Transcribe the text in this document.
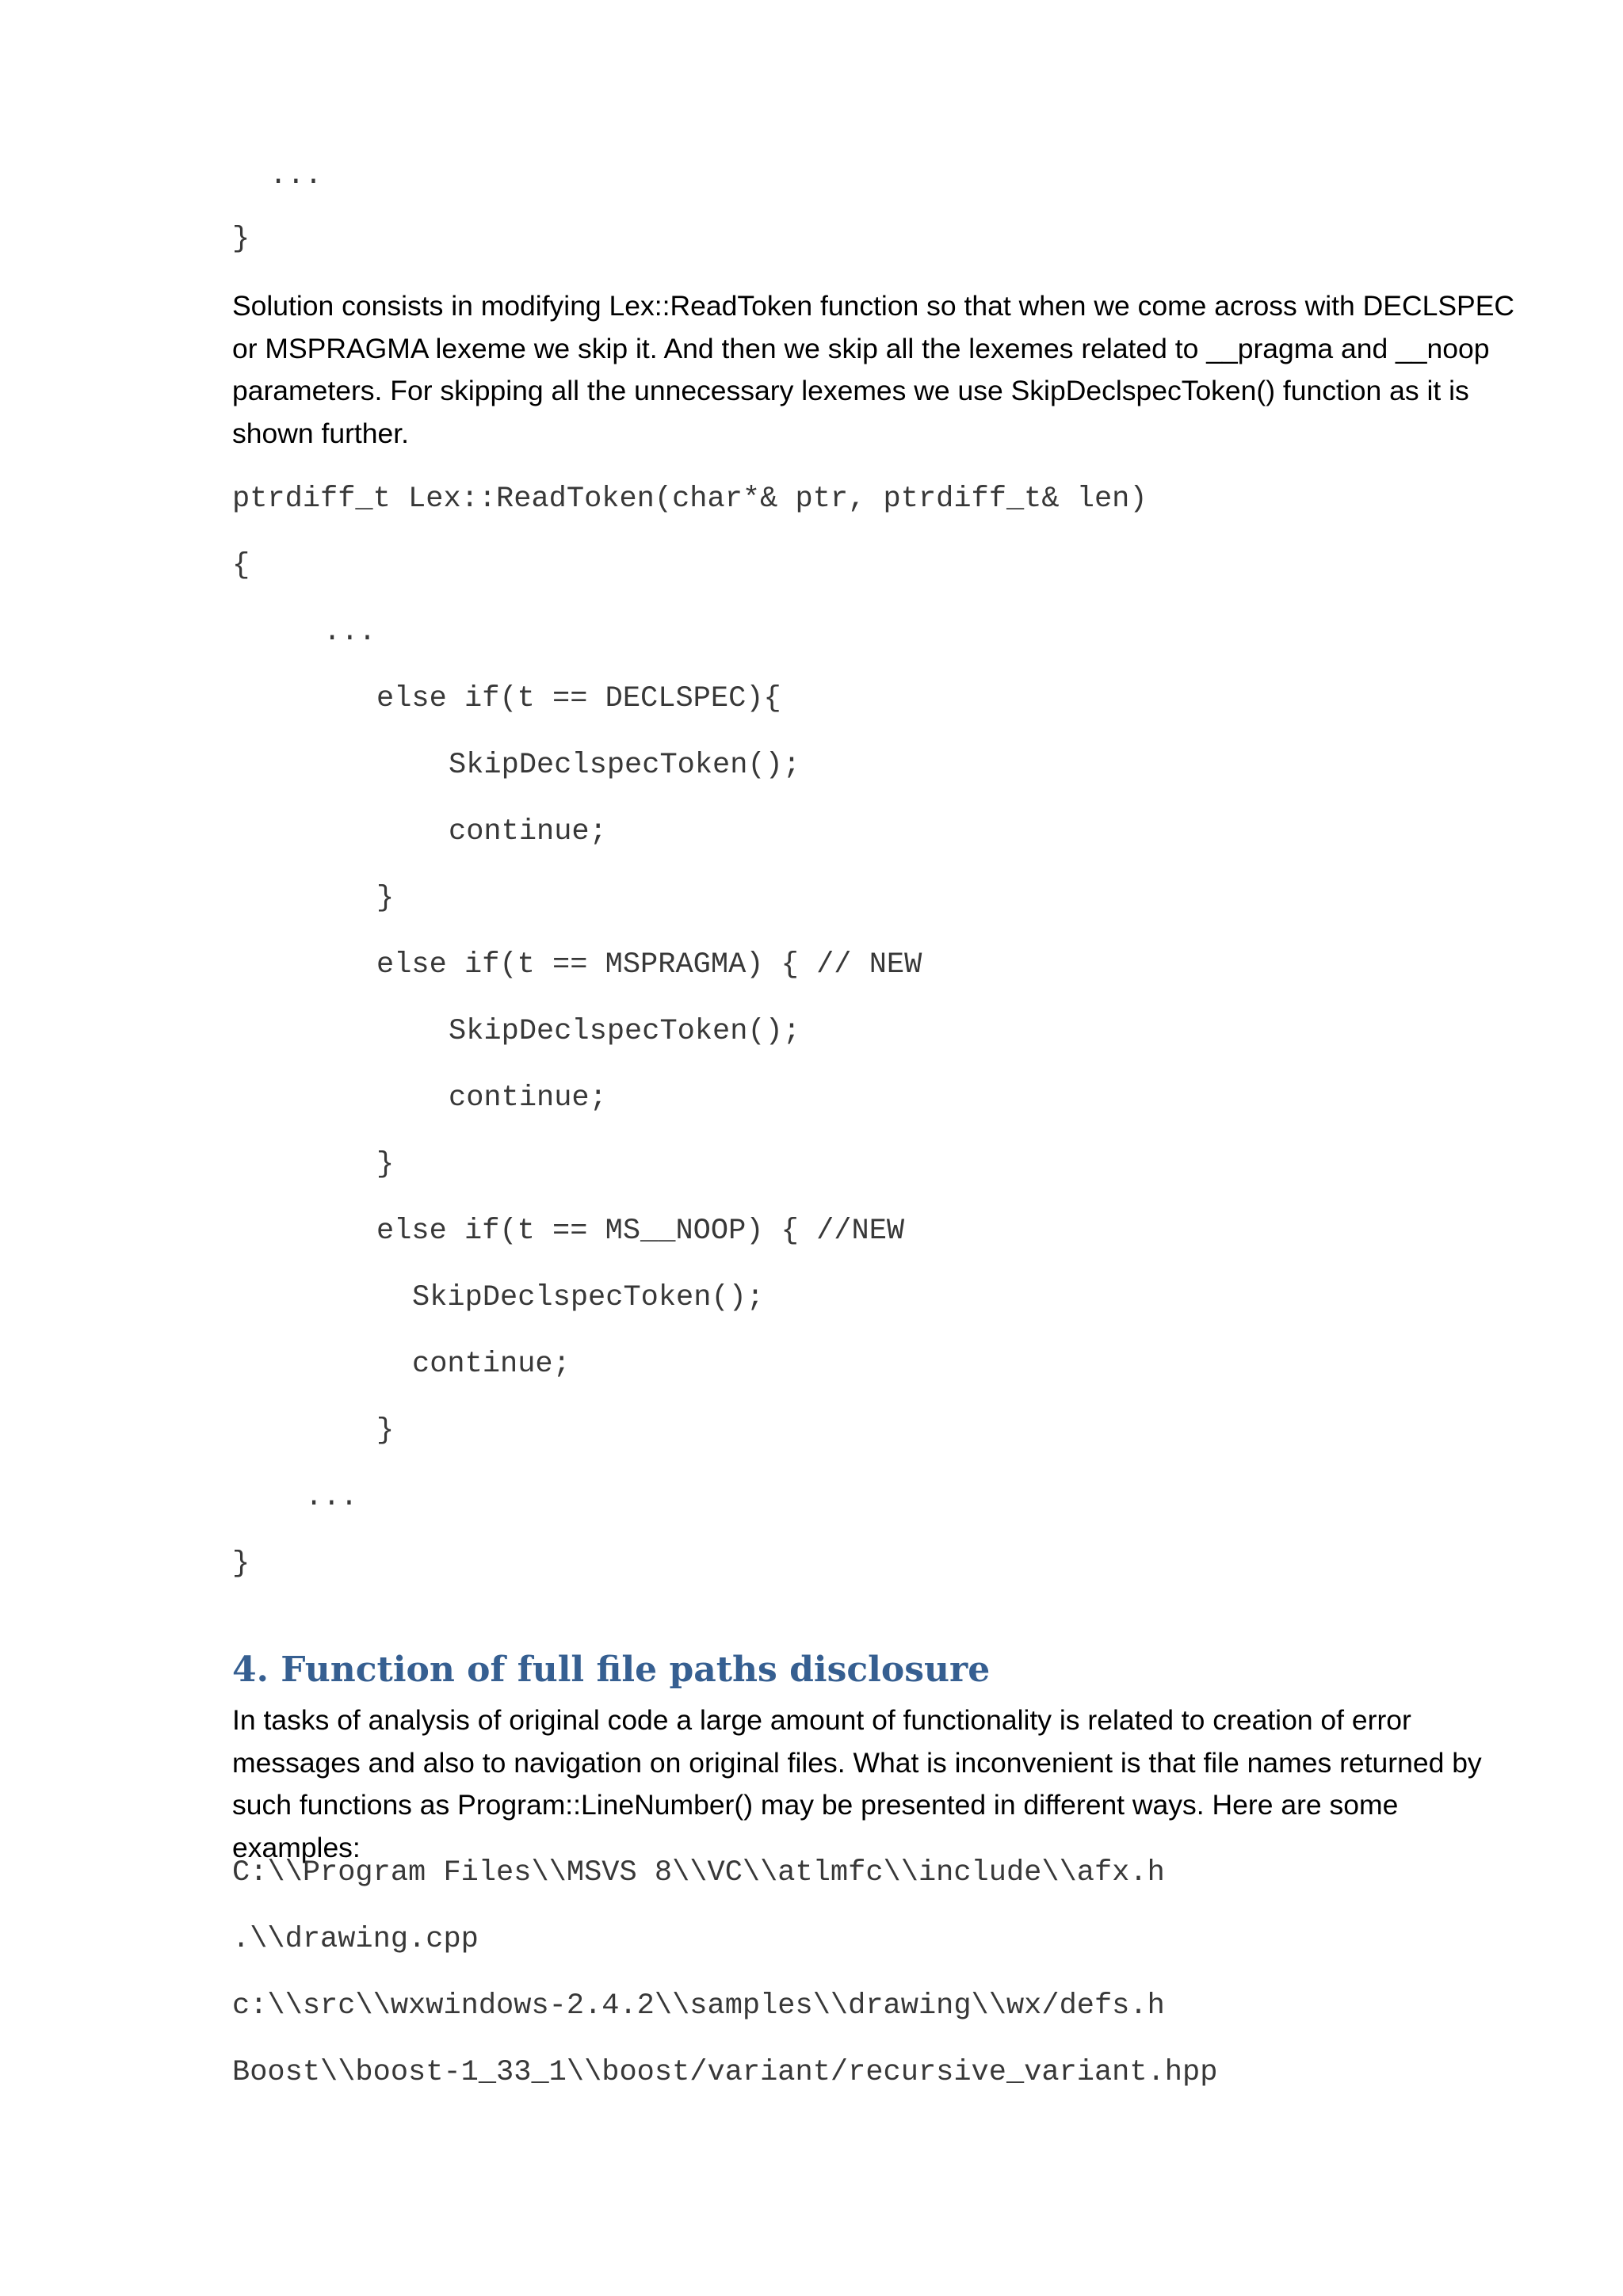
...
}
Solution consists in modifying Lex::ReadToken function so that when we come across with DECLSPEC or MSPRAGMA lexeme we skip it. And then we skip all the lexemes related to __pragma and __noop parameters. For skipping all the unnecessary lexemes we use SkipDeclspecToken() function as it is shown further.
ptrdiff_t Lex::ReadToken(char*& ptr, ptrdiff_t& len)
{
...
else if(t == DECLSPEC){
SkipDeclspecToken();
continue;
}
else if(t == MSPRAGMA) { // NEW
SkipDeclspecToken();
continue;
}
else if(t == MS__NOOP) { //NEW
SkipDeclspecToken();
continue;
}
...
}
4. Function of full file paths disclosure
In tasks of analysis of original code a large amount of functionality is related to creation of error messages and also to navigation on original files. What is inconvenient is that file names returned by such functions as Program::LineNumber() may be presented in different ways. Here are some examples:
C:\\Program Files\\MSVS 8\\VC\\atlmfc\\include\\afx.h
.\\drawing.cpp
c:\\src\\wxwindows-2.4.2\\samples\\drawing\\wx/defs.h
Boost\\boost-1_33_1\\boost/variant/recursive_variant.hpp
